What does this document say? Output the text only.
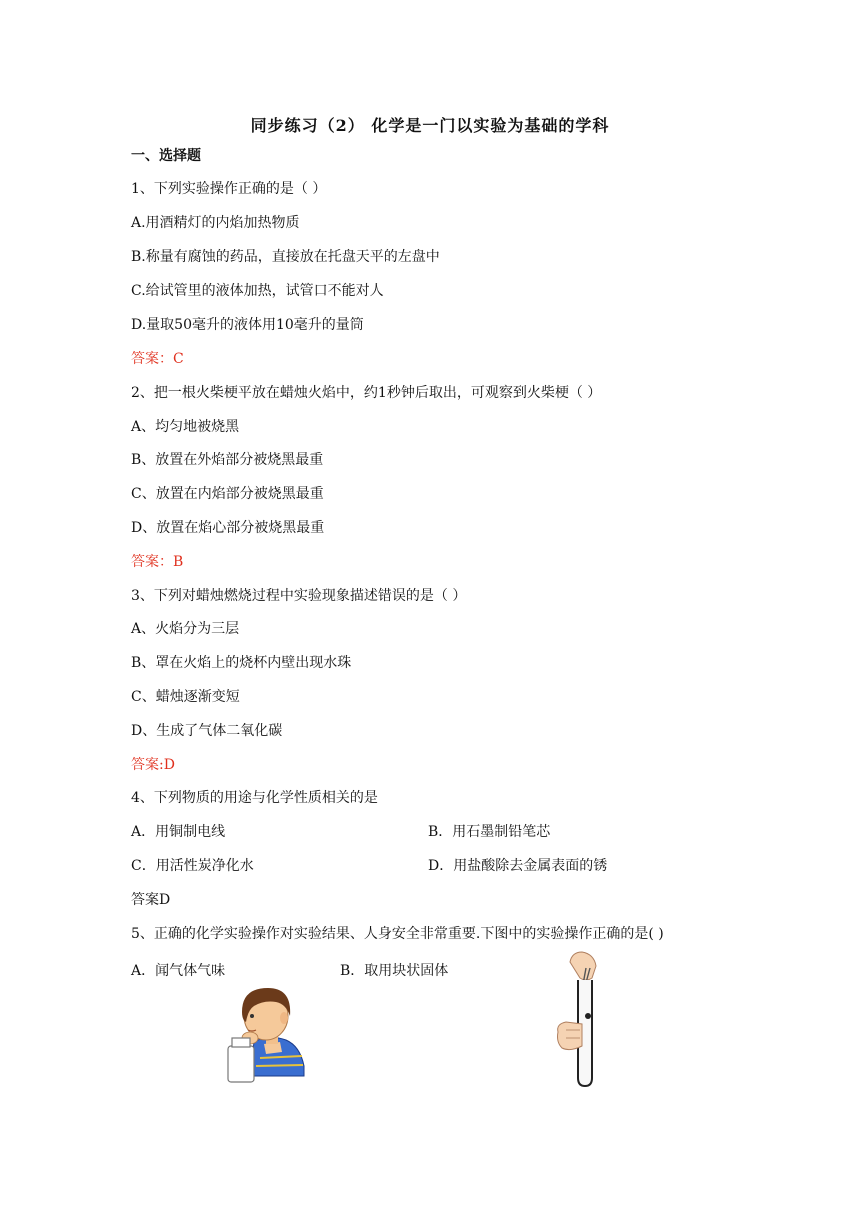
同步练习（2） 化学是一门以实验为基础的学科
一、选择题
1、下列实验操作正确的是（ ）
A.用酒精灯的内焰加热物质
B.称量有腐蚀的药品，直接放在托盘天平的左盘中
C.给试管里的液体加热，试管口不能对人
D.量取50毫升的液体用10毫升的量筒
答案：C
2、把一根火柴梗平放在蜡烛火焰中，约1秒钟后取出，可观察到火柴梗（ ）
A、均匀地被烧黑
B、放置在外焰部分被烧黑最重
C、放置在内焰部分被烧黑最重
D、放置在焰心部分被烧黑最重
答案：B
3、下列对蜡烛燃烧过程中实验现象描述错误的是（ ）
A、火焰分为三层
B、罩在火焰上的烧杯内壁出现水珠
C、蜡烛逐渐变短
D、生成了气体二氧化碳
答案:D
4、下列物质的用途与化学性质相关的是
A．用铜制电线	B．用石墨制铅笔芯
C．用活性炭净化水	D．用盐酸除去金属表面的锈
答案D
5、正确的化学实验操作对实验结果、人身安全非常重要.下图中的实验操作正确的是( )
A．闻气体气味	B．取用块状固体
